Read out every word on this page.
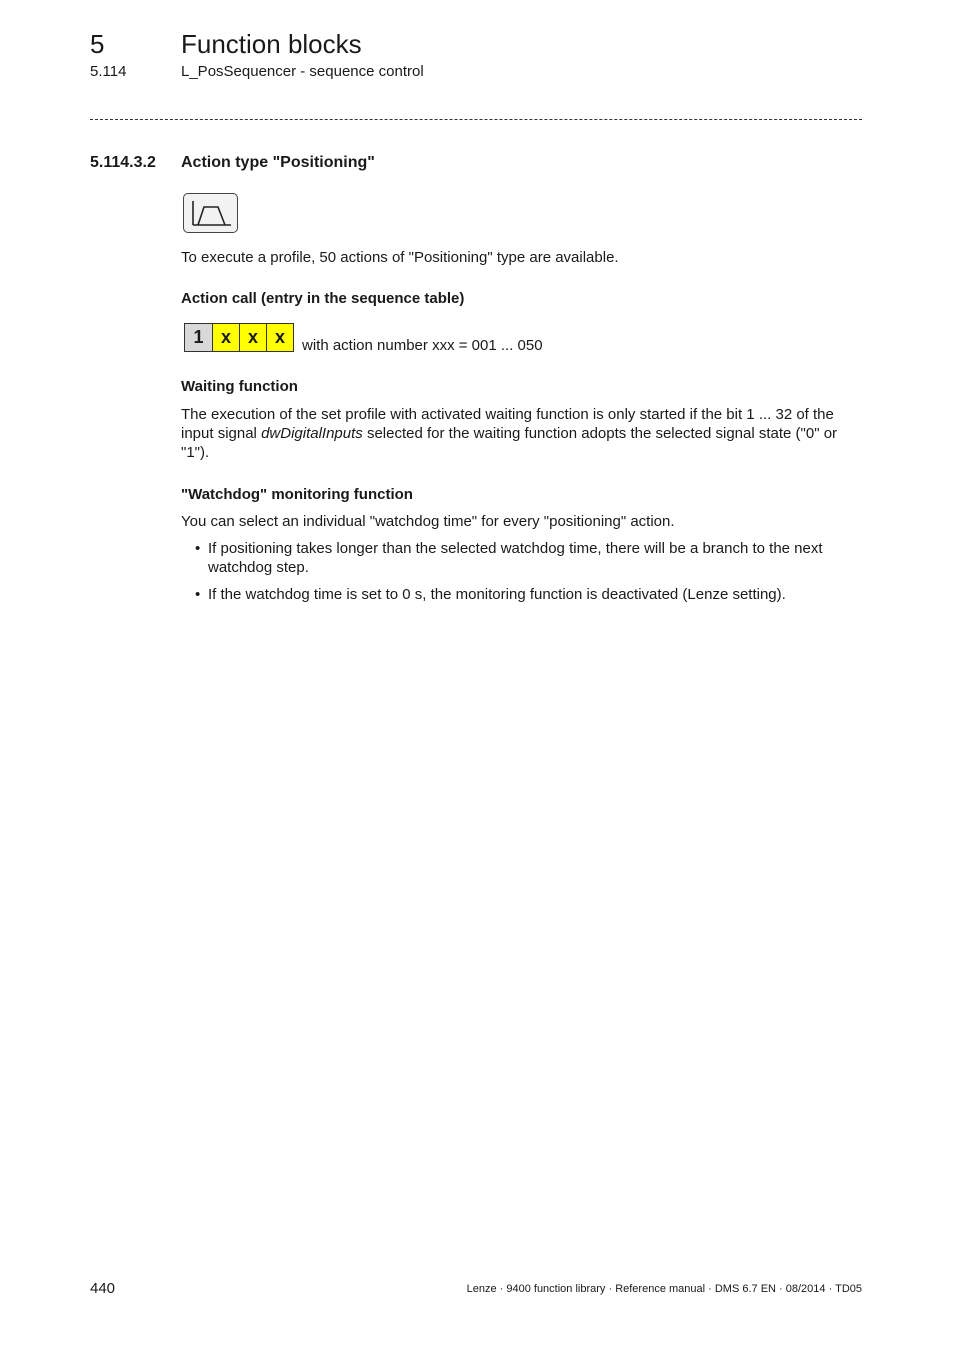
5	Function blocks
5.114	L_PosSequencer - sequence control
5.114.3.2 Action type "Positioning"
To execute a profile, 50 actions of "Positioning" type are available.
Action call (entry in the sequence table)
1 x x x	with action number xxx = 001 ... 050
Waiting function
The execution of the set profile with activated waiting function is only started if the bit 1 ... 32 of the input signal dwDigitalInputs selected for the waiting function adopts the selected signal state ("0" or "1").
"Watchdog" monitoring function
You can select an individual "watchdog time" for every "positioning" action.
• If positioning takes longer than the selected watchdog time, there will be a branch to the next watchdog step.
• If the watchdog time is set to 0 s, the monitoring function is deactivated (Lenze setting).
440	Lenze · 9400 function library · Reference manual · DMS 6.7 EN · 08/2014 · TD05
